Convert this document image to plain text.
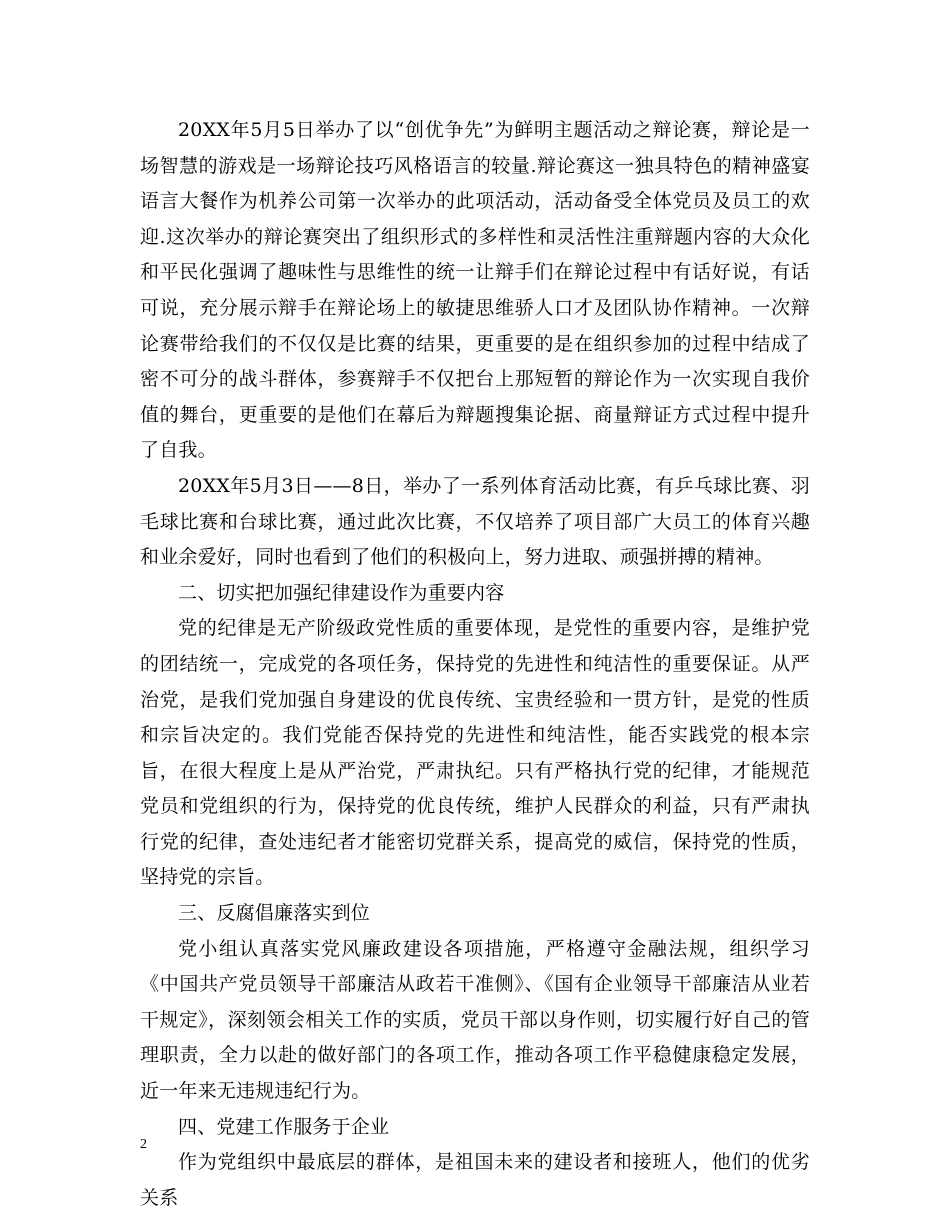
20XX年5月5日举办了以“创优争先”为鲜明主题活动之辩论赛，辩论是一场智慧的游戏是一场辩论技巧风格语言的较量.辩论赛这一独具特色的精神盛宴语言大餐作为机养公司第一次举办的此项活动，活动备受全体党员及员工的欢迎.这次举办的辩论赛突出了组织形式的多样性和灵活性注重辩题内容的大众化和平民化强调了趣味性与思维性的统一让辩手们在辩论过程中有话好说，有话可说，充分展示辩手在辩论场上的敏捷思维骄人口才及团队协作精神。一次辩论赛带给我们的不仅仅是比赛的结果，更重要的是在组织参加的过程中结成了密不可分的战斗群体，参赛辩手不仅把台上那短暂的辩论作为一次实现自我价值的舞台，更重要的是他们在幕后为辩题搜集论据、商量辩证方式过程中提升了自我。

20XX年5月3日——8日，举办了一系列体育活动比赛，有乒乓球比赛、羽毛球比赛和台球比赛，通过此次比赛，不仅培养了项目部广大员工的体育兴趣和业余爱好，同时也看到了他们的积极向上，努力进取、顽强拼搏的精神。

二、切实把加强纪律建设作为重要内容

党的纪律是无产阶级政党性质的重要体现，是党性的重要内容，是维护党的团结统一，完成党的各项任务，保持党的先进性和纯洁性的重要保证。从严治党，是我们党加强自身建设的优良传统、宝贵经验和一贯方针，是党的性质和宗旨决定的。我们党能否保持党的先进性和纯洁性，能否实践党的根本宗旨，在很大程度上是从严治党，严肃执纪。只有严格执行党的纪律，才能规范党员和党组织的行为，保持党的优良传统，维护人民群众的利益，只有严肃执行党的纪律，查处违纪者才能密切党群关系，提高党的威信，保持党的性质，坚持党的宗旨。

三、反腐倡廉落实到位

党小组认真落实党风廉政建设各项措施，严格遵守金融法规，组织学习《中国共产党员领导干部廉洁从政若干准侧》、《国有企业领导干部廉洁从业若干规定》，深刻领会相关工作的实质，党员干部以身作则，切实履行好自己的管理职责，全力以赴的做好部门的各项工作，推动各项工作平稳健康稳定发展，近一年来无违规违纪行为。

四、党建工作服务于企业

作为党组织中最底层的群体，是祖国未来的建设者和接班人，他们的优劣关系

2
